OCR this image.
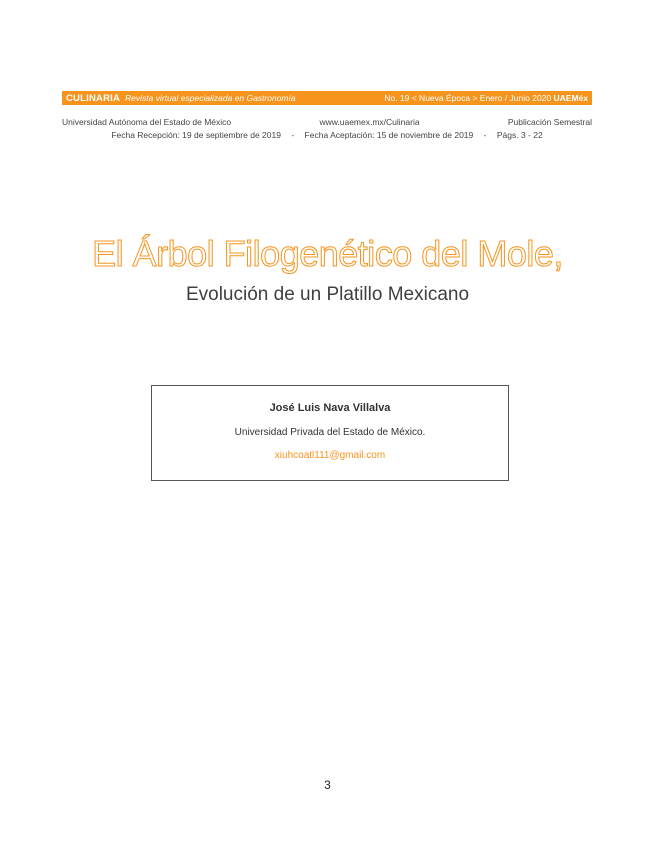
CULINARIA Revista virtual especializada en Gastronomía	No. 19 < Nueva Época > Enero / Junio 2020 UAEMéx
Universidad Autónoma del Estado de México	www.uaemex.mx/Culinaria	Publicación Semestral
Fecha Recepción: 19 de septiembre de 2019 - Fecha Aceptación: 15 de noviembre de 2019 - Págs. 3 - 22
El Árbol Filogenético del Mole,
Evolución de un Platillo Mexicano
José Luis Nava Villalva
Universidad Privada del Estado de México.
xiuhcoatl111@gmail.com
3
